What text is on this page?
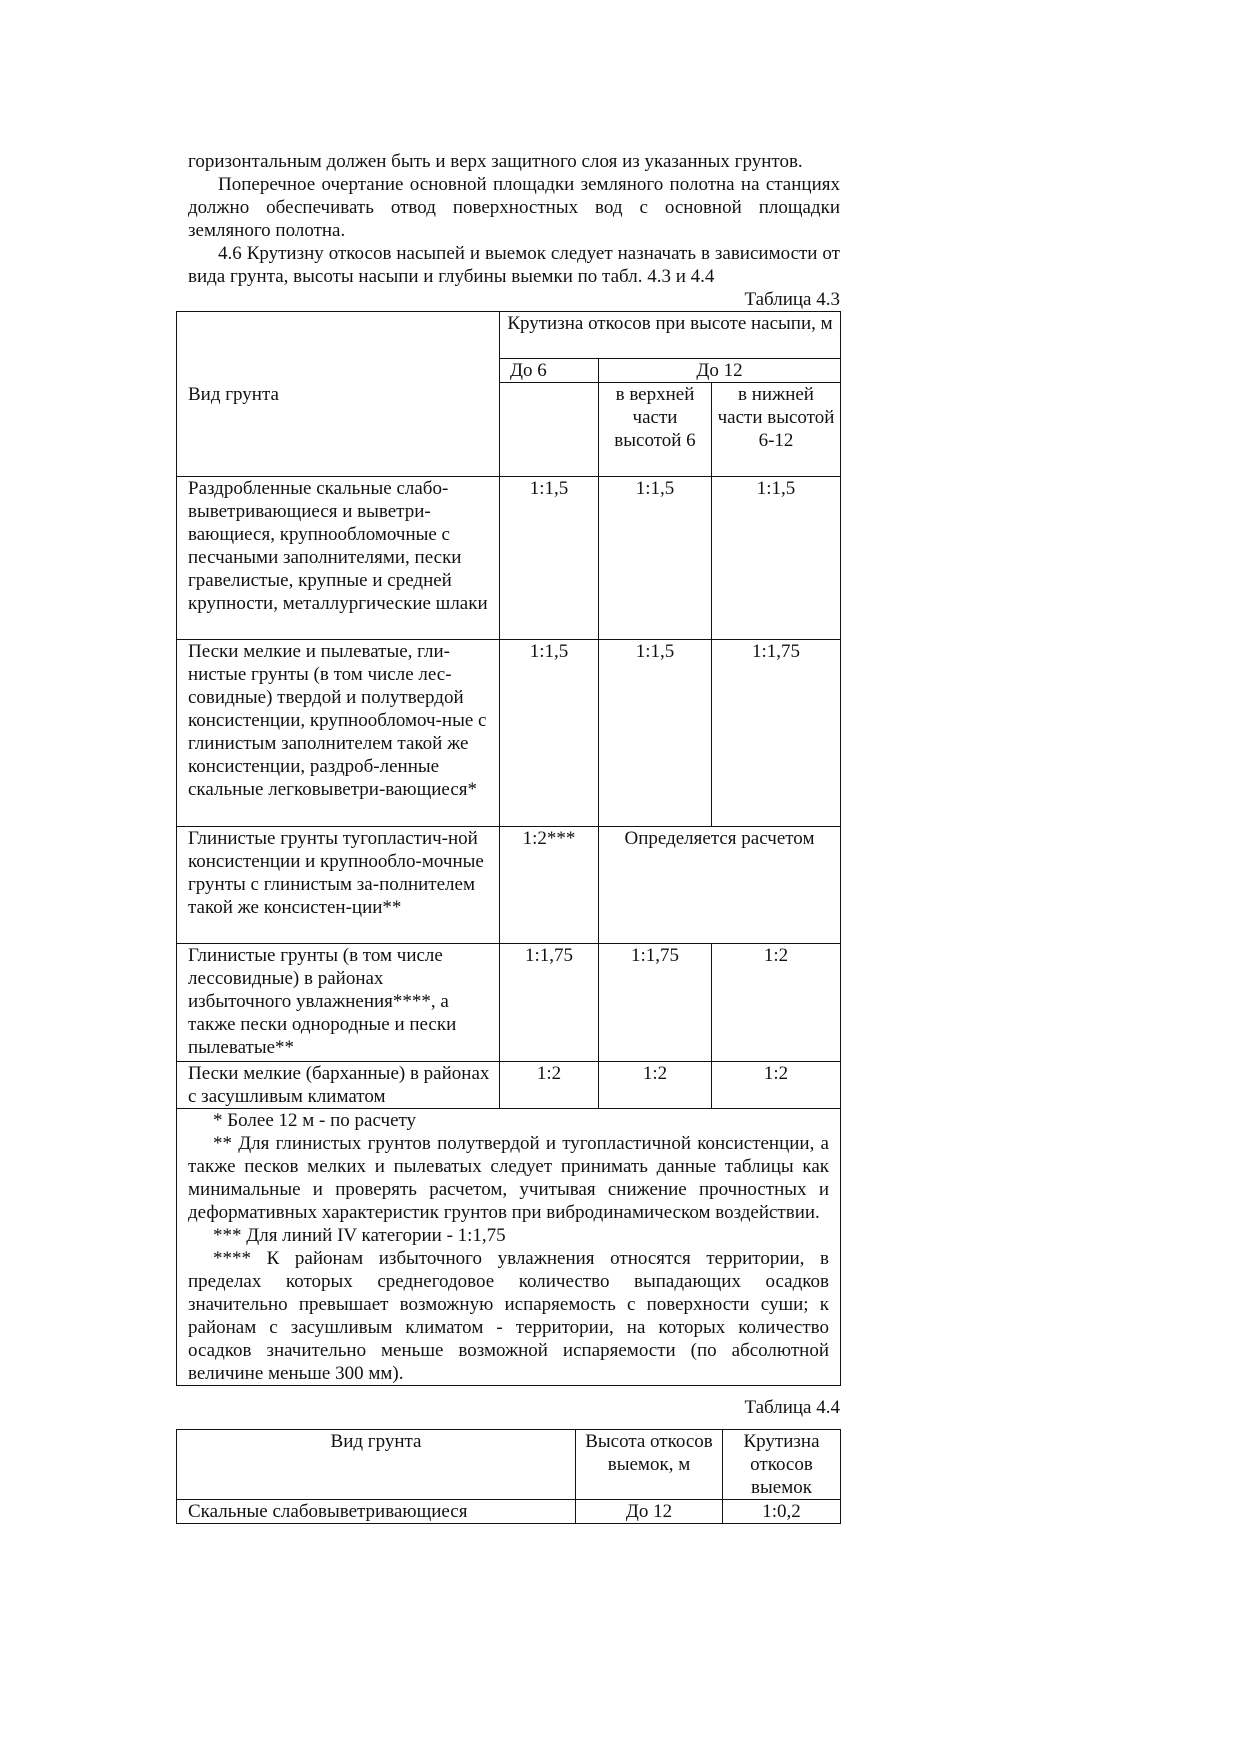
горизонтальным должен быть и верх защитного слоя из указанных грунтов.

Поперечное очертание основной площадки земляного полотна на станциях должно обеспечивать отвод поверхностных вод с основной площадки земляного полотна.

4.6 Крутизну откосов насыпей и выемок следует назначать в зависимости от вида грунта, высоты насыпи и глубины выемки по табл. 4.3 и 4.4

Таблица 4.3

Вид грунта	Крутизна откосов при высоте насыпи, м		
	До 6	До 12	
		в верхней части высотой 6	в нижней части высотой 6-12
Раздробленные скальные слабо-выветривающиеся и выветри-вающиеся, крупнообломочные с песчаными заполнителями, пески гравелистые, крупные и средней крупности, металлургические шлаки	1:1,5	1:1,5	1:1,5
Пески мелкие и пылеватые, гли-нистые грунты (в том числе лес-совидные) твердой и полутвердой консистенции, крупнообломоч-ные с глинистым заполнителем такой же консистенции, раздроб-ленные скальные легковыветри-вающиеся*	1:1,5	1:1,5	1:1,75
Глинистые грунты тугопластич-ной консистенции и крупнообло-мочные грунты с глинистым за-полнителем такой же консистен-ции**	1:2***	Определяется расчетом	
Глинистые грунты (в том числе лессовидные) в районах избыточного увлажнения****, а также пески однородные и пески пылеватые**	1:1,75	1:1,75	1:2
Пески мелкие (барханные) в районах с засушливым климатом	1:2	1:2	1:2

* Более 12 м - по расчету

** Для глинистых грунтов полутвердой и тугопластичной консистенции, а также песков мелких и пылеватых следует принимать данные таблицы как минимальные и проверять расчетом, учитывая снижение прочностных и деформативных характеристик грунтов при вибродинамическом воздействии.

*** Для линий IV категории - 1:1,75

**** К районам избыточного увлажнения относятся территории, в пределах которых среднегодовое количество выпадающих осадков значительно превышает возможную испаряемость с поверхности суши; к районам с засушливым климатом - территории, на которых количество осадков значительно меньше возможной испаряемости (по абсолютной величине меньше 300 мм).			

Таблица 4.4

Вид грунта	Высота откосов выемок, м	Крутизна откосов выемок
Скальные слабовыветривающиеся	До 12	1:0,2
